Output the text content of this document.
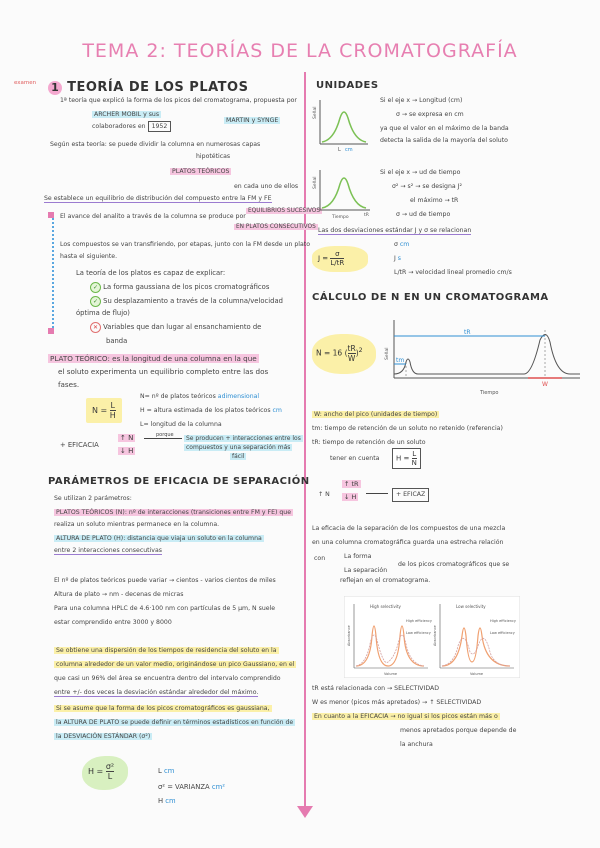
TEMA 2: TEORÍAS DE LA CROMATOGRAFÍA
examen 1 TEORÍA DE LOS PLATOS
1ª teoría que explicó la forma de los picos del cromatograma, propuesta por
ARCHER MOBIL y sus
MARTIN y SYNGE
colaboradores en 1952
Según esta teoría: se puede dividir la columna en numerosas capas
hipotéticas
PLATOS TEÓRICOS
en cada uno de ellos
Se establece un equilibrio de distribución del compuesto entre la FM y FE
El avance del analito a través de la columna se produce por
EQUILIBRIOS SUCESIVOS
EN PLATOS CONSECUTIVOS
Los compuestos se van transfiriendo, por etapas, junto con la FM desde un plato
hasta el siguiente.
La teoría de los platos es capaz de explicar:
✓ La forma gaussiana de los picos cromatográficos
✓ Su desplazamiento a través de la columna/velocidad
óptima de flujo)
✕ Variables que dan lugar al ensanchamiento de
banda
PLATO TEÓRICO: es la longitud de una columna en la que
el soluto experimenta un equilibrio completo entre las dos
fases.
$N = \frac{L}{H}$
N= nº de platos teóricos adimensional
H = altura estimada de los platos teóricos cm
L= longitud de la columna
+ EFICACIA
↑ N
↓ H
porque	Se producen + interacciones entre los
compuestos y una separación más
fácil
PARÁMETROS DE EFICACIA DE SEPARACIÓN
Se utilizan 2 parámetros:
PLATOS TEÓRICOS (N): nº de interacciones (transiciones entre FM y FE) que
realiza un soluto mientras permanece en la columna.
ALTURA DE PLATO (H): distancia que viaja un soluto en la columna
entre 2 interacciones consecutivas
El nº de platos teóricos puede variar → cientos - varios cientos de miles
Altura de plato → nm - decenas de micras
Para una columna HPLC de 4.6·100 nm con partículas de 5 μm, N suele
estar comprendido entre 3000 y 8000
Se obtiene una dispersión de los tiempos de residencia del soluto en la
columna alrededor de un valor medio, originándose un pico Gaussiano, en el
que casi un 96% del área se encuentra dentro del intervalo comprendido
entre +/- dos veces la desviación estándar alrededor del máximo.
Si se asume que la forma de los picos cromatográficos es gaussiana,
la ALTURA DE PLATO se puede definir en términos estadísticos en función de
la DESVIACIÓN ESTÁNDAR (σ²)
$H = \frac{\text{σ²}}{L}$	L cm
σ² = VARIANZA cm²
H cm
UNIDADES
Señal
L cm
Señal
Tiempo	tR
Si el eje x → Longitud (cm)
σ → se expresa en cm
ya que el valor en el máximo de la banda
detecta la salida de la mayoría del soluto
Si el eje x → ud de tiempo
σ² → s² → se designa J²
el máximo → tR
σ → ud de tiempo
Las dos desviaciones estándar J y σ se relacionan
$J = \frac{\sigma}{L/tR}$
σ cm
J s
L/tR → velocidad lineal promedio cm/s
CÁLCULO DE N EN UN CROMATOGRAMA
N = 16 ( $\frac{tR}{W} )^2$
tR
tm
W
Señal
Tiempo
W: ancho del pico (unidades de tiempo)
tm: tiempo de retención de un soluto no retenido (referencia)
tR: tiempo de retención de un soluto
tener en cuenta	$H = \frac{L}{N}$
↑ N
↑ tR
↓ H	+ EFICAZ
La eficacia de la separación de los compuestos de una mezcla
en una columna cromatográfica guarda una estrecha relación
con	La forma
La separación
de los picos cromatográficos que se
reflejan en el cromatograma.
High selectivity	Low selectivity
High efficiency
Low efficiency
High efficiency
Low efficiency
Absorbance	Absorbance
Volume	Volume
tR está relacionada con → SELECTIVIDAD
W es menor (picos más apretados) → ↑ SELECTIVIDAD
En cuanto a la EFICACIA → no igual si los picos están más o
menos apretados porque depende de
la anchura
